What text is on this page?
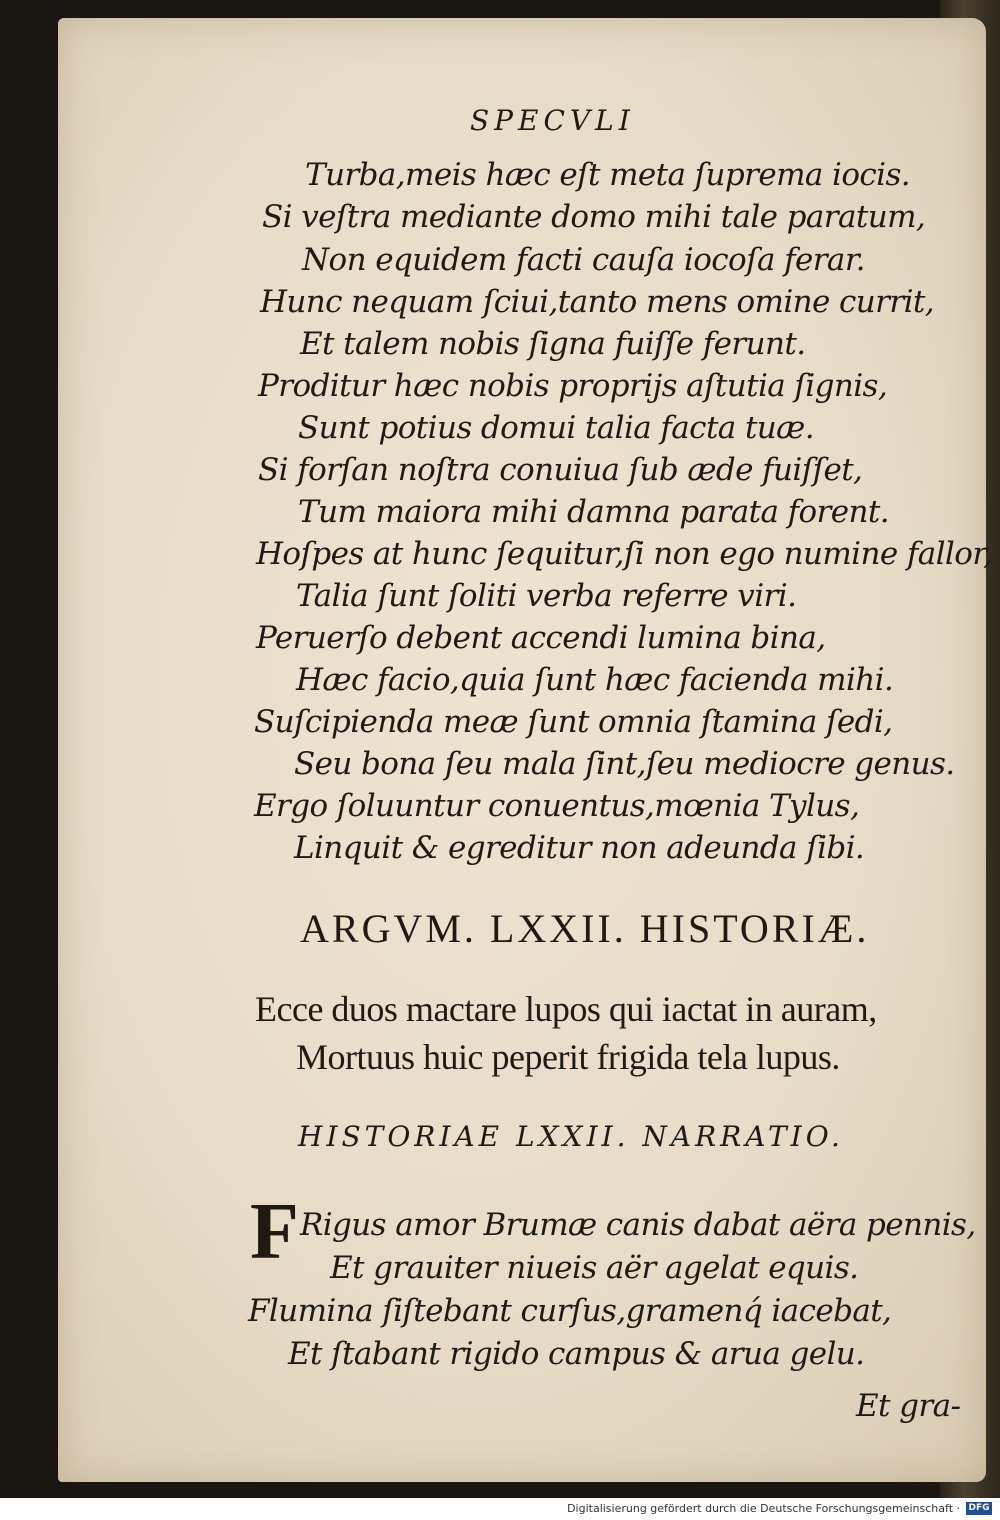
SPECVLI
Turba,meis hæc eſt meta ſuprema iocis.
Si veſtra mediante domo mihi tale paratum,
Non equidem facti cauſa iocoſa ferar.
Hunc nequam ſciui,tanto mens omine currit,
Et talem nobis ſigna fuiſſe ferunt.
Proditur hæc nobis proprijs aſtutia ſignis,
Sunt potius domui talia facta tuæ.
Si forſan noſtra conuiua ſub æde fuiſſet,
Tum maiora mihi damna parata forent.
Hoſpes at hunc ſequitur,ſi non ego numine fallor,
Talia ſunt ſoliti verba referre viri.
Peruerſo debent accendi lumina bina,
Hæc facio,quia ſunt hæc facienda mihi.
Suſcipienda meæ ſunt omnia ſtamina ſedi,
Seu bona ſeu mala ſint,ſeu mediocre genus.
Ergo ſoluuntur conuentus,mœnia Tylus,
Linquit & egreditur non adeunda ſibi.
ARGVM. LXXII. HISTORIÆ.
Ecce duos mactare lupos qui iactat in auram,
Mortuus huic peperit frigida tela lupus.
HISTORIAE LXXII. NARRATIO.
F Rigus amor Brumæ canis dabat aëra pennis,
Et grauiter niueis aër agelat equis.
Flumina ſiſtebant curſus,gramenq́ iacebat,
Et ſtabant rigido campus & arua gelu.
Et gra-
Digitalisierung gefördert durch die Deutsche Forschungsgemeinschaft · DFG
